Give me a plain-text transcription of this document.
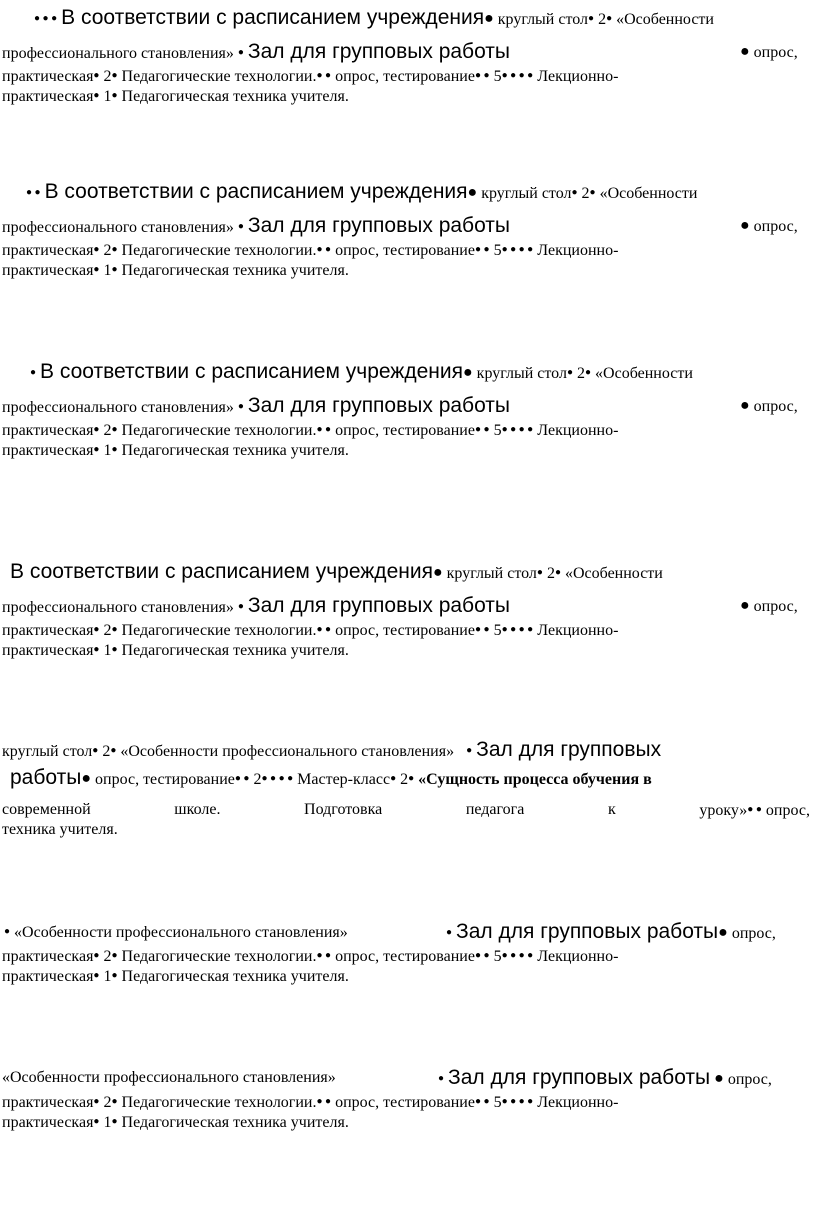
● ● ● В соответствии с расписанием учреждения● круглый стол● 2● «Особенности
профессионального становления» ● Зал для групповых работы	● опрос,
практическая● 2● Педагогические технологии.● ● опрос, тестирование● ● 5● ● ● ● Лекционно-
практическая● 1● Педагогическая техника учителя.
● ● В соответствии с расписанием учреждения● круглый стол● 2● «Особенности
профессионального становления» ● Зал для групповых работы	● опрос,
практическая● 2● Педагогические технологии.● ● опрос, тестирование● ● 5● ● ● ● Лекционно-
практическая● 1● Педагогическая техника учителя.
● В соответствии с расписанием учреждения● круглый стол● 2● «Особенности
профессионального становления» ● Зал для групповых работы	● опрос,
практическая● 2● Педагогические технологии.● ● опрос, тестирование● ● 5● ● ● ● Лекционно-
практическая● 1● Педагогическая техника учителя.
В соответствии с расписанием учреждения● круглый стол● 2● «Особенности
профессионального становления» ● Зал для групповых работы	● опрос,
практическая● 2● Педагогические технологии.● ● опрос, тестирование● ● 5● ● ● ● Лекционно-
практическая● 1● Педагогическая техника учителя.
круглый стол● 2● «Особенности профессионального становления» ● Зал для групповых
работы● опрос, тестирование● ● 2● ● ● ● Мастер-класс● 2● «Сущность процесса обучения в
современной	школе.	Подготовка	педагога	к	уроку»● ● опрос,
техника учителя.
● «Особенности профессионального становления»	● Зал для групповых работы● опрос,
практическая● 2● Педагогические технологии.● ● опрос, тестирование● ● 5● ● ● ● Лекционно-
практическая● 1● Педагогическая техника учителя.
«Особенности профессионального становления»	● Зал для групповых работы ● опрос,
практическая● 2● Педагогические технологии.● ● опрос, тестирование● ● 5● ● ● ● Лекционно-
практическая● 1● Педагогическая техника учителя.
